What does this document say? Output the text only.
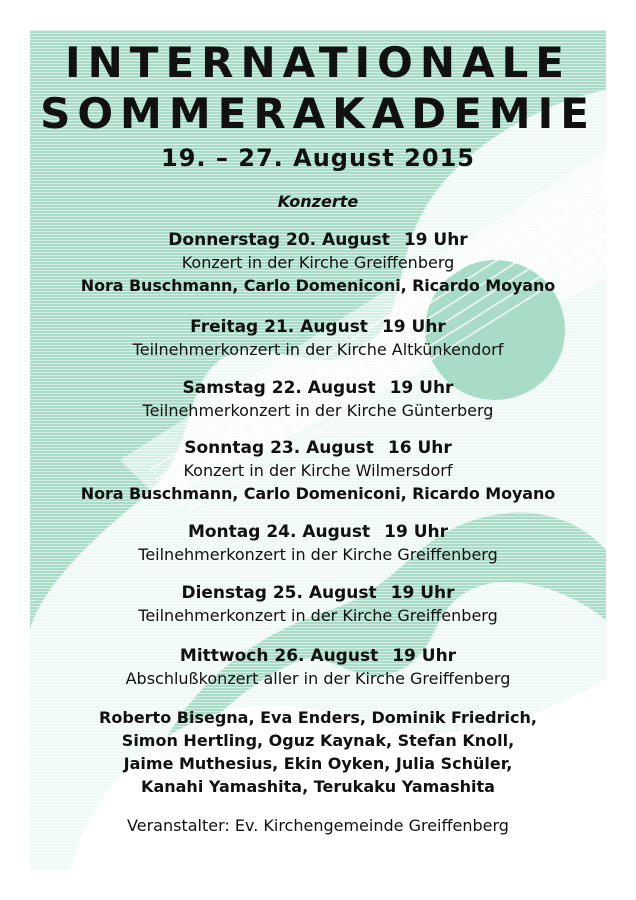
INTERNATIONALE
SOMMERAKADEMIE
19. – 27. August 2015
Konzerte
Donnerstag 20. August 19 Uhr
Konzert in der Kirche Greiffenberg
Nora Buschmann, Carlo Domeniconi, Ricardo Moyano
Freitag 21. August 19 Uhr
Teilnehmerkonzert in der Kirche Altkünkendorf
Samstag 22. August 19 Uhr
Teilnehmerkonzert in der Kirche Günterberg
Sonntag 23. August 16 Uhr
Konzert in der Kirche Wilmersdorf
Nora Buschmann, Carlo Domeniconi, Ricardo Moyano
Montag 24. August 19 Uhr
Teilnehmerkonzert in der Kirche Greiffenberg
Dienstag 25. August 19 Uhr
Teilnehmerkonzert in der Kirche Greiffenberg
Mittwoch 26. August 19 Uhr
Abschlußkonzert aller in der Kirche Greiffenberg
Roberto Bisegna, Eva Enders, Dominik Friedrich,
Simon Hertling, Oguz Kaynak, Stefan Knoll,
Jaime Muthesius, Ekin Oyken, Julia Schüler,
Kanahi Yamashita, Terukaku Yamashita
Veranstalter: Ev. Kirchengemeinde Greiffenberg
